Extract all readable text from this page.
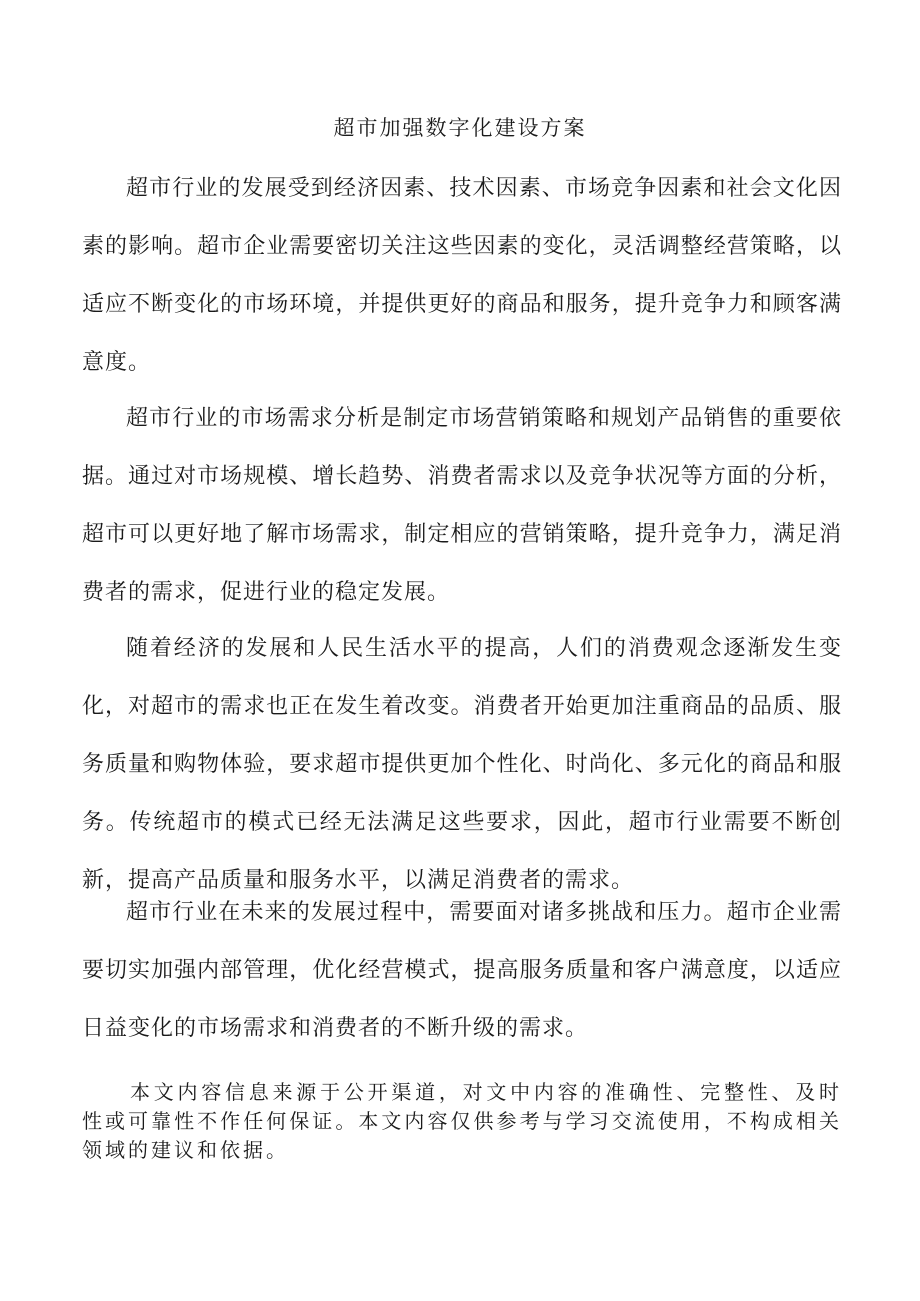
超市加强数字化建设方案

超市行业的发展受到经济因素、技术因素、市场竞争因素和社会文化因素的影响。超市企业需要密切关注这些因素的变化，灵活调整经营策略，以适应不断变化的市场环境，并提供更好的商品和服务，提升竞争力和顾客满意度。

超市行业的市场需求分析是制定市场营销策略和规划产品销售的重要依据。通过对市场规模、增长趋势、消费者需求以及竞争状况等方面的分析，超市可以更好地了解市场需求，制定相应的营销策略，提升竞争力，满足消费者的需求，促进行业的稳定发展。

随着经济的发展和人民生活水平的提高，人们的消费观念逐渐发生变化，对超市的需求也正在发生着改变。消费者开始更加注重商品的品质、服务质量和购物体验，要求超市提供更加个性化、时尚化、多元化的商品和服务。传统超市的模式已经无法满足这些要求，因此，超市行业需要不断创新，提高产品质量和服务水平，以满足消费者的需求。

超市行业在未来的发展过程中，需要面对诸多挑战和压力。超市企业需要切实加强内部管理，优化经营模式，提高服务质量和客户满意度，以适应日益变化的市场需求和消费者的不断升级的需求。

本文内容信息来源于公开渠道，对文中内容的准确性、完整性、及时性或可靠性不作任何保证。本文内容仅供参考与学习交流使用，不构成相关领域的建议和依据。
